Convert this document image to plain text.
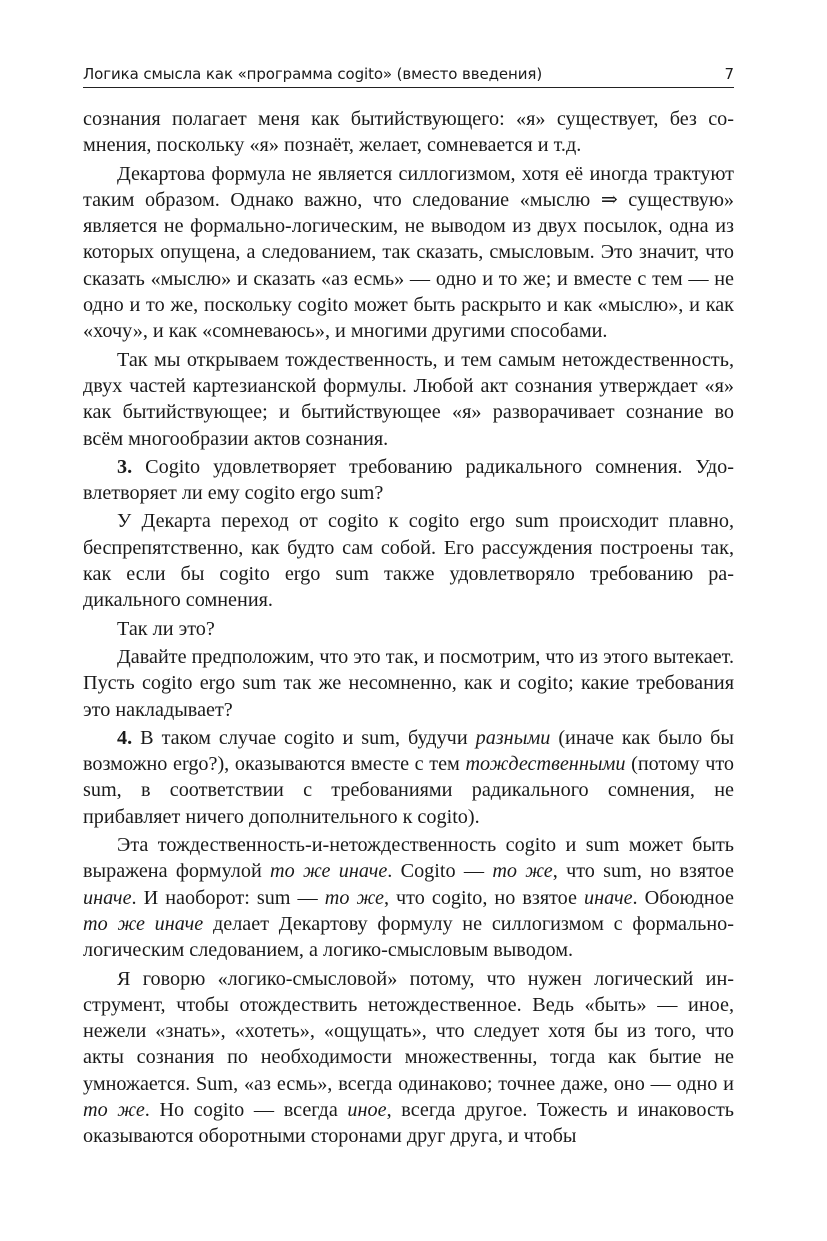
Логика смысла как «программа cogito» (вместо введения)	7

сознания полагает меня как бытийствующего: «я» существует, без сомнения, поскольку «я» познаёт, желает, сомневается и т.д.

Декартова формула не является силлогизмом, хотя её иногда трактуют таким образом. Однако важно, что следование «мыслю ⇒ существую» является не формально-логическим, не выводом из двух посылок, одна из которых опущена, а следованием, так сказать, смысловым. Это значит, что сказать «мыслю» и сказать «аз есмь» — одно и то же; и вместе с тем — не одно и то же, поскольку cogito может быть раскрыто и как «мыслю», и как «хочу», и как «сомневаюсь», и многими другими способами.

Так мы открываем тождественность, и тем самым нетождественность, двух частей картезианской формулы. Любой акт сознания утверждает «я» как бытийствующее; и бытийствующее «я» разворачивает сознание во всём многообразии актов сознания.

3. Cogito удовлетворяет требованию радикального сомнения. Удовлетворяет ли ему cogito ergo sum?

У Декарта переход от cogito к cogito ergo sum происходит плавно, беспрепятственно, как будто сам собой. Его рассуждения построены так, как если бы cogito ergo sum также удовлетворяло требованию радикального сомнения.

Так ли это?

Давайте предположим, что это так, и посмотрим, что из этого вытекает. Пусть cogito ergo sum так же несомненно, как и cogito; какие требования это накладывает?

4. В таком случае cogito и sum, будучи разными (иначе как было бы возможно ergo?), оказываются вместе с тем тождественными (потому что sum, в соответствии с требованиями радикального сомнения, не прибавляет ничего дополнительного к cogito).

Эта тождественность-и-нетождественность cogito и sum может быть выражена формулой то же иначе. Cogito — то же, что sum, но взятое иначе. И наоборот: sum — то же, что cogito, но взятое иначе. Обоюдное то же иначе делает Декартову формулу не силлогизмом с формально-логическим следованием, а логико-смысловым выводом.

Я говорю «логико-смысловой» потому, что нужен логический инструмент, чтобы отождествить нетождественное. Ведь «быть» — иное, нежели «знать», «хотеть», «ощущать», что следует хотя бы из того, что акты сознания по необходимости множественны, тогда как бытие не умножается. Sum, «аз есмь», всегда одинаково; точнее даже, оно — одно и то же. Но cogito — всегда иное, всегда другое. Тожесть и инаковость оказываются оборотными сторонами друг друга, и чтобы
